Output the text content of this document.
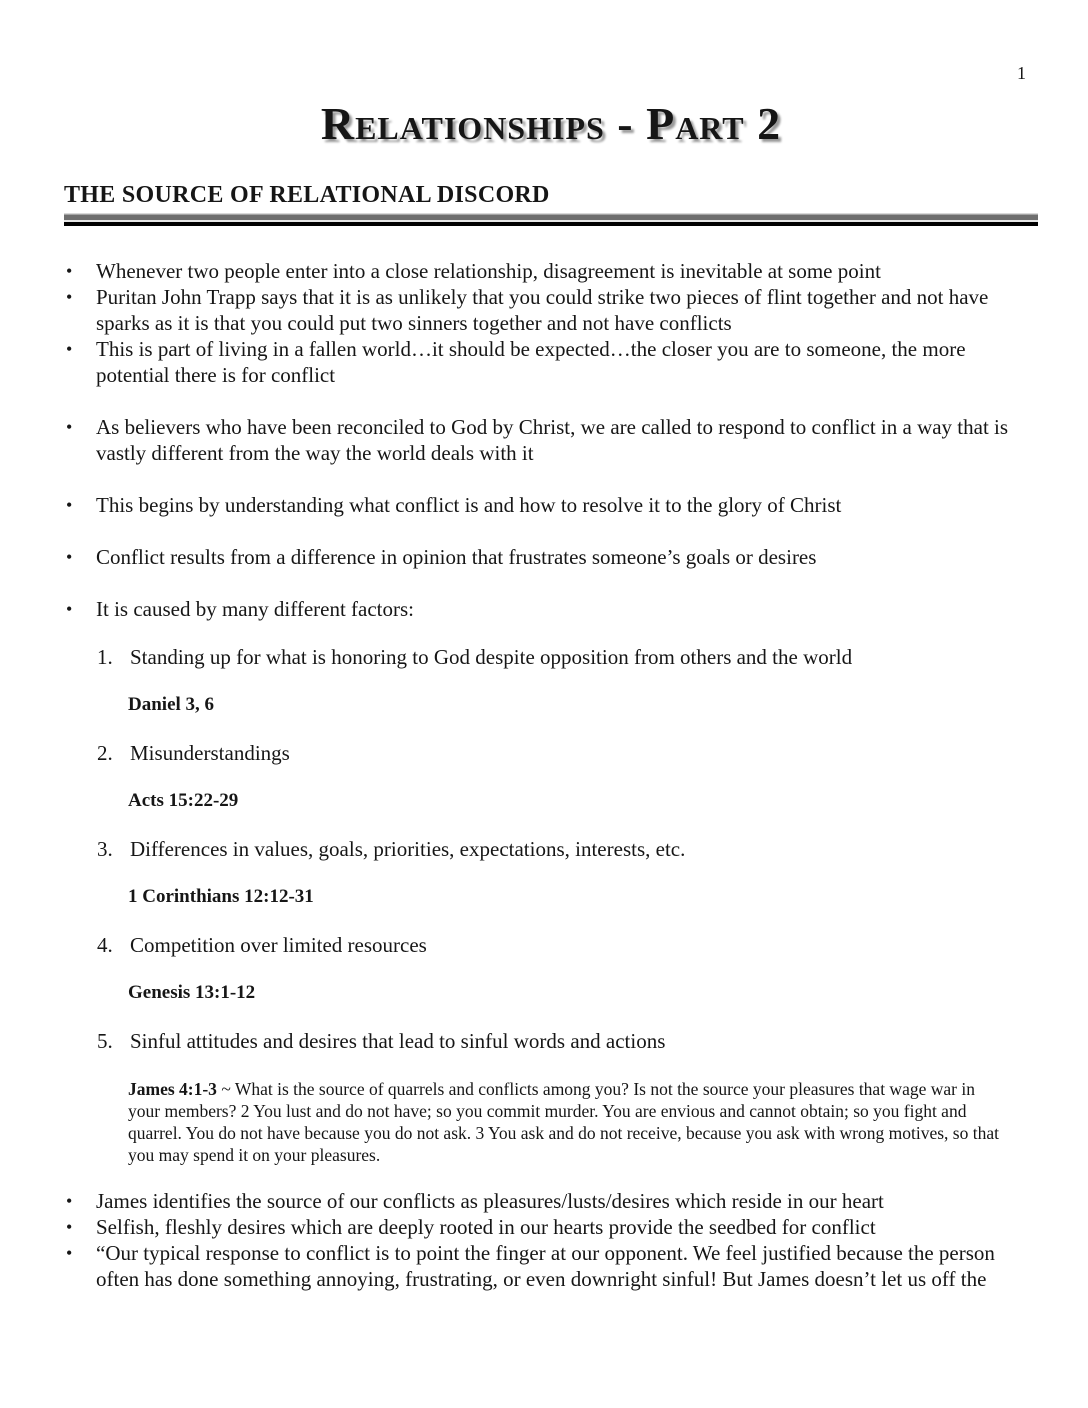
1
Relationships - Part 2
THE SOURCE OF RELATIONAL DISCORD
• Whenever two people enter into a close relationship, disagreement is inevitable at some point
• Puritan John Trapp says that it is as unlikely that you could strike two pieces of flint together and not have sparks as it is that you could put two sinners together and not have conflicts
• This is part of living in a fallen world…it should be expected…the closer you are to someone, the more potential there is for conflict
• As believers who have been reconciled to God by Christ, we are called to respond to conflict in a way that is vastly different from the way the world deals with it
• This begins by understanding what conflict is and how to resolve it to the glory of Christ
• Conflict results from a difference in opinion that frustrates someone’s goals or desires
• It is caused by many different factors:
1. Standing up for what is honoring to God despite opposition from others and the world
Daniel 3, 6
2. Misunderstandings
Acts 15:22-29
3. Differences in values, goals, priorities, expectations, interests, etc.
1 Corinthians 12:12-31
4. Competition over limited resources
Genesis 13:1-12
5. Sinful attitudes and desires that lead to sinful words and actions

James 4:1-3 ~ What is the source of quarrels and conflicts among you? Is not the source your pleasures that wage war in your members? 2 You lust and do not have; so you commit murder. You are envious and cannot obtain; so you fight and quarrel. You do not have because you do not ask. 3 You ask and do not receive, because you ask with wrong motives, so that you may spend it on your pleasures.

• James identifies the source of our conflicts as pleasures/lusts/desires which reside in our heart
• Selfish, fleshly desires which are deeply rooted in our hearts provide the seedbed for conflict
• “Our typical response to conflict is to point the finger at our opponent. We feel justified because the person often has done something annoying, frustrating, or even downright sinful! But James doesn’t let us off the
